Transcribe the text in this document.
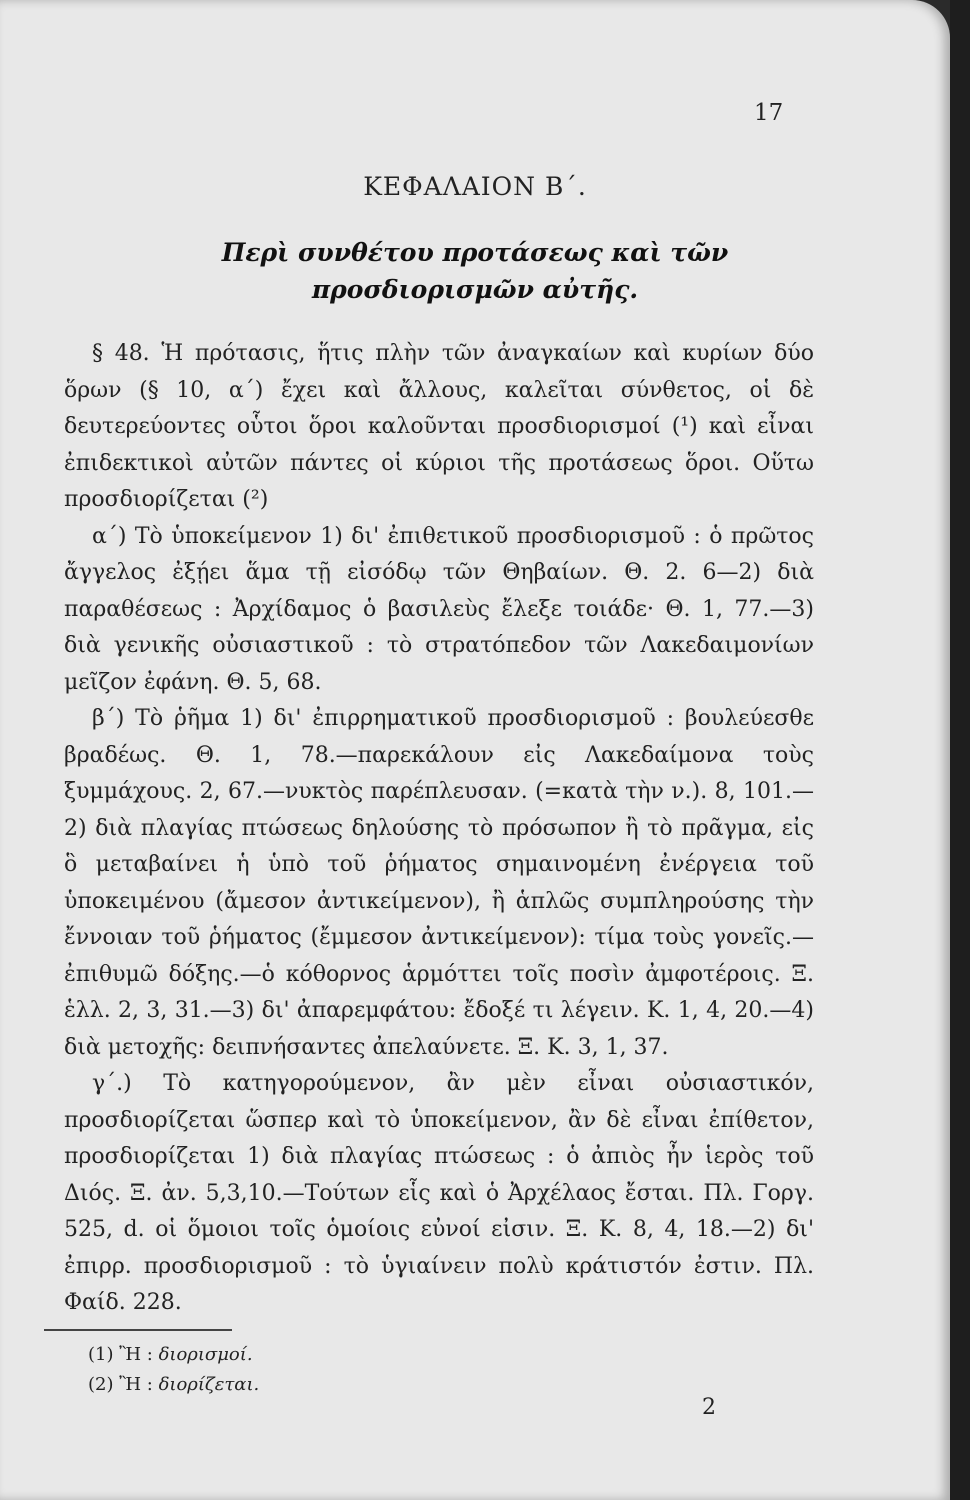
17
ΚΕΦΑΛΑΙΟΝ Β΄.
Περὶ συνθέτου προτάσεως καὶ τῶν
προσδιορισμῶν αὐτῆς.

§ 48. Ἡ πρότασις, ἥτις πλὴν τῶν ἀναγκαίων καὶ κυρίων δύο ὅρων (§ 10, α΄) ἔχει καὶ ἄλλους, καλεῖται σύνθετος, οἱ δὲ δευτερεύοντες οὗτοι ὅροι καλοῦνται προσδιορισμοί (¹) καὶ εἶναι ἐπιδεκτικοὶ αὐτῶν πάντες οἱ κύριοι τῆς προτάσεως ὅροι. Οὕτω προσδιορίζεται (²)

α΄) Τὸ ὑποκείμενον 1) δι' ἐπιθετικοῦ προσδιορισμοῦ : ὁ πρῶτος ἄγγελος ἐξῄει ἅμα τῇ εἰσόδῳ τῶν Θηβαίων. Θ. 2. 6—2) διὰ παραθέσεως : Ἀρχίδαμος ὁ βασιλεὺς ἔλεξε τοιάδε· Θ. 1, 77.—3) διὰ γενικῆς οὐσιαστικοῦ : τὸ στρατόπεδον τῶν Λακεδαιμονίων μεῖζον ἐφάνη. Θ. 5, 68.

β΄) Τὸ ῥῆμα 1) δι' ἐπιρρηματικοῦ προσδιορισμοῦ : βουλεύεσθε βραδέως. Θ. 1, 78.—παρεκάλουν εἰς Λακεδαίμονα τοὺς ξυμμάχους. 2, 67.—νυκτὸς παρέπλευσαν. (=κατὰ τὴν ν.). 8, 101.—2) διὰ πλαγίας πτώσεως δηλούσης τὸ πρόσωπον ἢ τὸ πρᾶγμα, εἰς ὃ μεταβαίνει ἡ ὑπὸ τοῦ ῥήματος σημαινομένη ἐνέργεια τοῦ ὑποκειμένου (ἄμεσον ἀντικείμενον), ἢ ἁπλῶς συμπληρούσης τὴν ἔννοιαν τοῦ ῥήματος (ἔμμεσον ἀντικείμενον): τίμα τοὺς γονεῖς.—ἐπιθυμῶ δόξης.—ὁ κόθορνος ἁρμόττει τοῖς ποσὶν ἀμφοτέροις. Ξ. ἑλλ. 2, 3, 31.—3) δι' ἀπαρεμφάτου: ἔδοξέ τι λέγειν. Κ. 1, 4, 20.—4) διὰ μετοχῆς: δειπνήσαντες ἀπελαύνετε. Ξ. Κ. 3, 1, 37.

γ΄.) Τὸ κατηγορούμενον, ἂν μὲν εἶναι οὐσιαστικόν, προσδιορίζεται ὥσπερ καὶ τὸ ὑποκείμενον, ἂν δὲ εἶναι ἐπίθετον, προσδιορίζεται 1) διὰ πλαγίας πτώσεως : ὁ ἀπιὸς ἦν ἱερὸς τοῦ Διός. Ξ. ἀν. 5,3,10.—Τούτων εἷς καὶ ὁ Ἀρχέλαος ἔσται. Πλ. Γοργ. 525, d. οἱ ὅμοιοι τοῖς ὁμοίοις εὐνοί εἰσιν. Ξ. Κ. 8, 4, 18.—2) δι' ἐπιρρ. προσδιορισμοῦ : τὸ ὑγιαίνειν πολὺ κράτιστόν ἐστιν. Πλ. Φαίδ. 228.

(1) Ἢ : διορισμοί.
(2) Ἢ : διορίζεται.
2
